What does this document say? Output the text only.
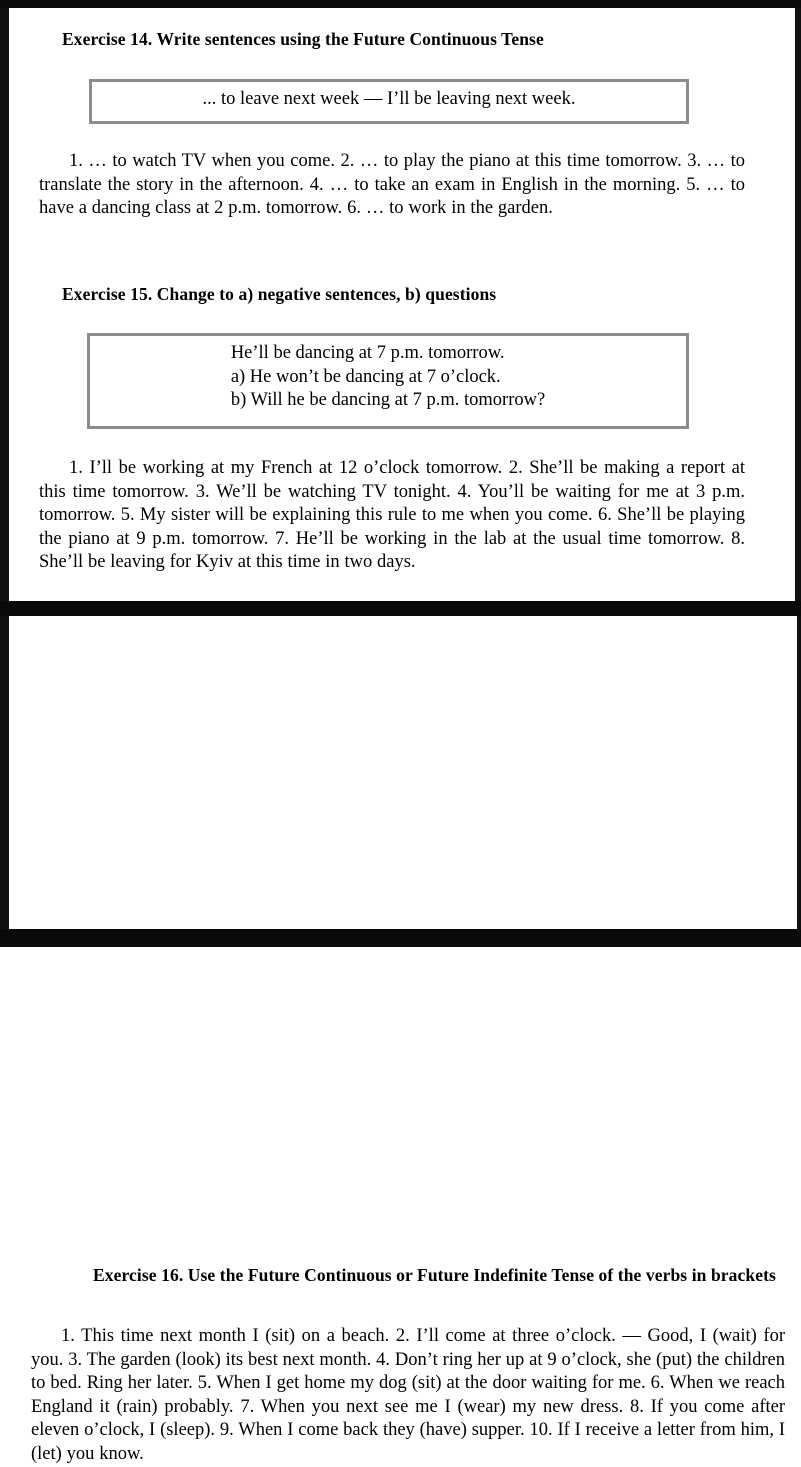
Exercise 14. Write sentences using the Future Continuous Tense
... to leave next week — I’ll be leaving next week.
1. … to watch TV when you come. 2. … to play the piano at this time tomorrow. 3. … to translate the story in the afternoon. 4. … to take an exam in English in the morning. 5. … to have a dancing class at 2 p.m. tomorrow. 6. … to work in the garden.
Exercise 15. Change to a) negative sentences, b) questions
He’ll be dancing at 7 p.m. tomorrow.
a) He won’t be dancing at 7 o’clock.
b) Will he be dancing at 7 p.m. tomorrow?
1. I’ll be working at my French at 12 o’clock tomorrow. 2. She’ll be making a report at this time tomorrow. 3. We’ll be watching TV tonight. 4. You’ll be waiting for me at 3 p.m. tomorrow. 5. My sister will be explaining this rule to me when you come. 6. She’ll be playing the piano at 9 p.m. tomorrow. 7. He’ll be working in the lab at the usual time tomorrow. 8. She’ll be leaving for Kyiv at this time in two days.
Exercise 16. Use the Future Continuous or Future Indefinite Tense of the verbs in brackets
1. This time next month I (sit) on a beach. 2. I’ll come at three o’clock. — Good, I (wait) for you. 3. The garden (look) its best next month. 4. Don’t ring her up at 9 o’clock, she (put) the children to bed. Ring her later. 5. When I get home my dog (sit) at the door waiting for me. 6. When we reach England it (rain) probably. 7. When you next see me I (wear) my new dress. 8. If you come after eleven o’clock, I (sleep). 9. When I come back they (have) supper. 10. If I receive a letter from him, I (let) you know.
